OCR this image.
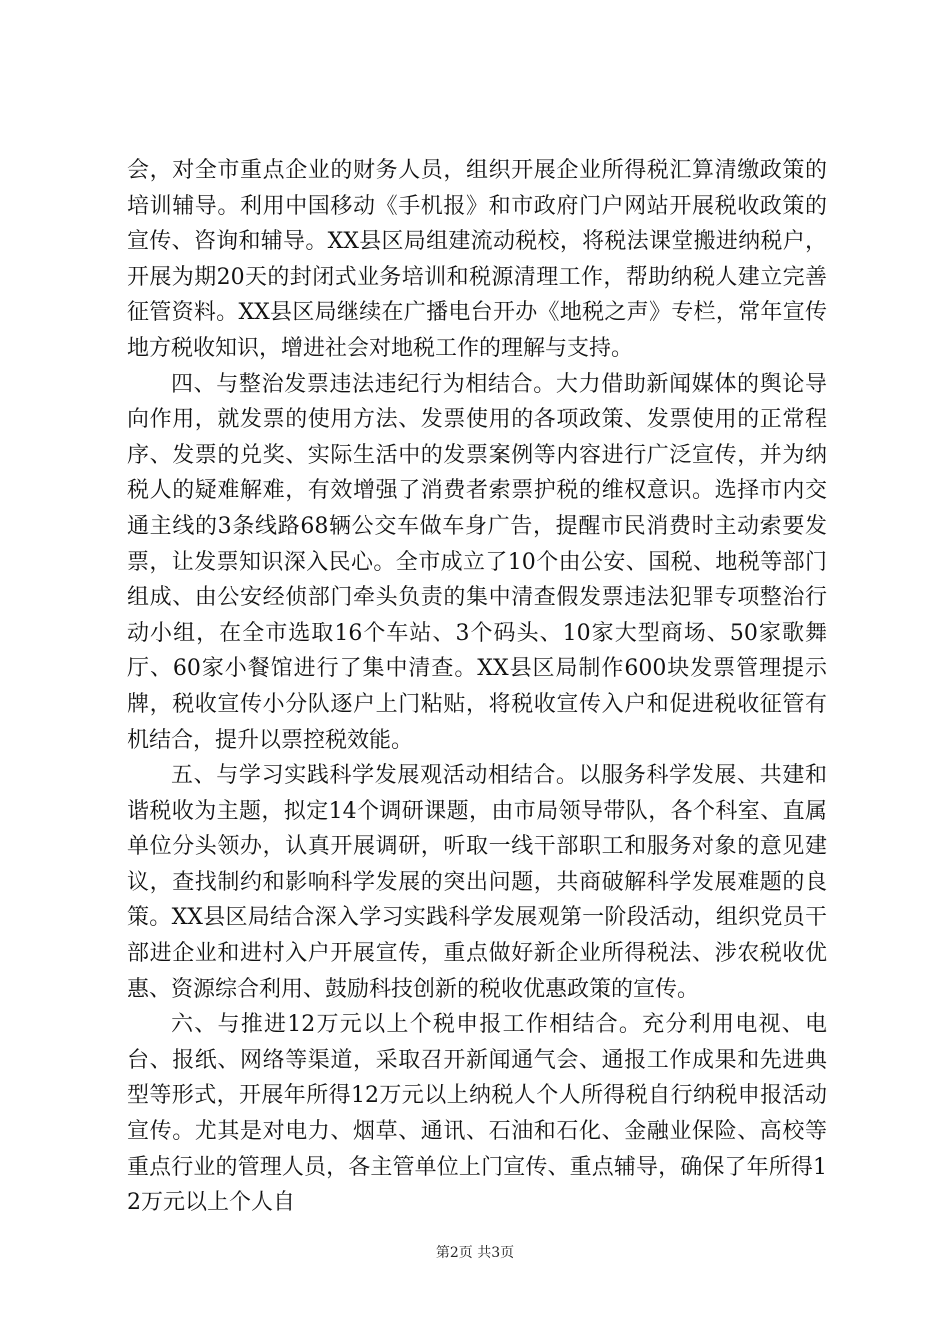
会，对全市重点企业的财务人员，组织开展企业所得税汇算清缴政策的培训辅导。利用中国移动《手机报》和市政府门户网站开展税收政策的宣传、咨询和辅导。XX县区局组建流动税校，将税法课堂搬进纳税户，开展为期20天的封闭式业务培训和税源清理工作，帮助纳税人建立完善征管资料。XX县区局继续在广播电台开办《地税之声》专栏，常年宣传地方税收知识，增进社会对地税工作的理解与支持。

四、与整治发票违法违纪行为相结合。大力借助新闻媒体的舆论导向作用，就发票的使用方法、发票使用的各项政策、发票使用的正常程序、发票的兑奖、实际生活中的发票案例等内容进行广泛宣传，并为纳税人的疑难解难，有效增强了消费者索票护税的维权意识。选择市内交通主线的3条线路68辆公交车做车身广告，提醒市民消费时主动索要发票，让发票知识深入民心。全市成立了10个由公安、国税、地税等部门组成、由公安经侦部门牵头负责的集中清查假发票违法犯罪专项整治行动小组，在全市选取16个车站、3个码头、10家大型商场、50家歌舞厅、60家小餐馆进行了集中清查。XX县区局制作600块发票管理提示牌，税收宣传小分队逐户上门粘贴，将税收宣传入户和促进税收征管有机结合，提升以票控税效能。

五、与学习实践科学发展观活动相结合。以服务科学发展、共建和谐税收为主题，拟定14个调研课题，由市局领导带队，各个科室、直属单位分头领办，认真开展调研，听取一线干部职工和服务对象的意见建议，查找制约和影响科学发展的突出问题，共商破解科学发展难题的良策。XX县区局结合深入学习实践科学发展观第一阶段活动，组织党员干部进企业和进村入户开展宣传，重点做好新企业所得税法、涉农税收优惠、资源综合利用、鼓励科技创新的税收优惠政策的宣传。

六、与推进12万元以上个税申报工作相结合。充分利用电视、电台、报纸、网络等渠道，采取召开新闻通气会、通报工作成果和先进典型等形式，开展年所得12万元以上纳税人个人所得税自行纳税申报活动宣传。尤其是对电力、烟草、通讯、石油和石化、金融业保险、高校等重点行业的管理人员，各主管单位上门宣传、重点辅导，确保了年所得12万元以上个人自

第2页 共3页
